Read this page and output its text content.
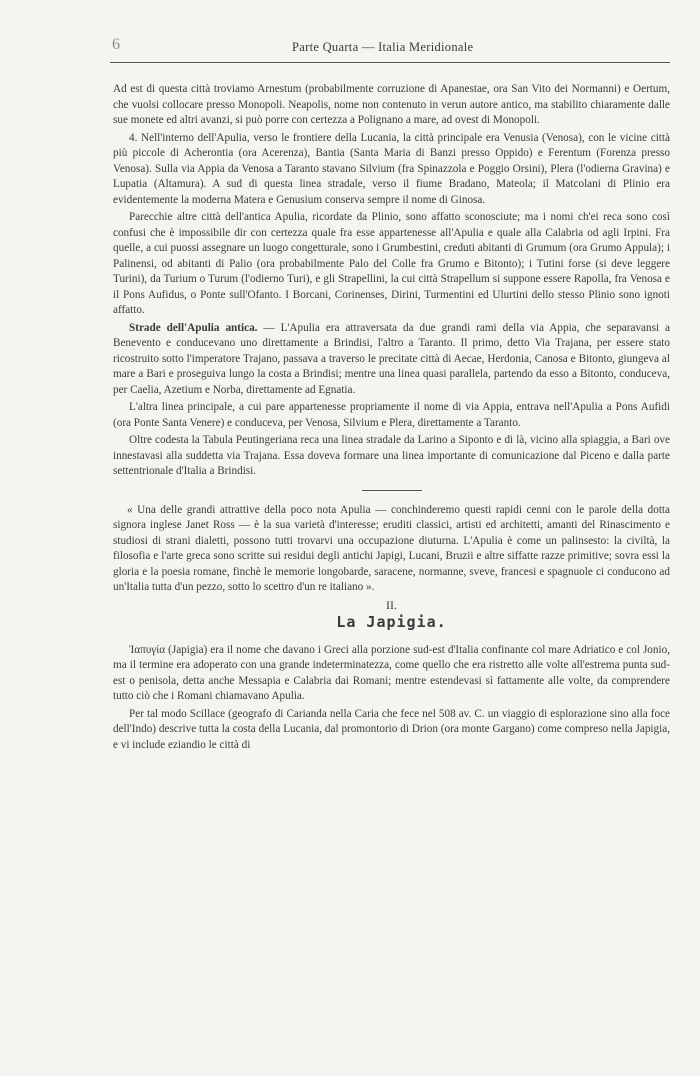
6	Parte Quarta — Italia Meridionale

Ad est di questa città troviamo Arnestum (probabilmente corruzione di Apanestae, ora San Vito dei Normanni) e Oertum, che vuolsi collocare presso Monopoli. Neapolis, nome non contenuto in verun autore antico, ma stabilito chiaramente dalle sue monete ed altri avanzi, si può porre con certezza a Polignano a mare, ad ovest di Monopoli.

4. Nell'interno dell'Apulia, verso le frontiere della Lucania, la città principale era Venusia (Venosa), con le vicine città più piccole di Acherontia (ora Acerenza), Bantia (Santa Maria di Banzi presso Oppido) e Ferentum (Forenza presso Venosa). Sulla via Appia da Venosa a Taranto stavano Silvium (fra Spinazzola e Poggio Orsini), Plera (l'odierna Gravina) e Lupatia (Altamura). A sud di questa linea stradale, verso il fiume Bradano, Mateola; il Matcolani di Plinio era evidentemente la moderna Matera e Genusium conserva sempre il nome di Ginosa.

Parecchie altre città dell'antica Apulia, ricordate da Plinio, sono affatto sconosciute; ma i nomi ch'ei reca sono così confusi che è impossibile dir con certezza quale fra esse appartenesse all'Apulia e quale alla Calabria od agli Irpini. Fra quelle, a cui puossi assegnare un luogo congetturale, sono i Grumbestini, creduti abitanti di Grumum (ora Grumo Appula); i Palinensi, od abitanti di Palio (ora probabilmente Palo del Colle fra Grumo e Bitonto); i Tutini forse (si deve leggere Turini), da Turium o Turum (l'odierno Turi), e gli Strapellini, la cui città Strapellum si suppone essere Rapolla, fra Venosa e il Pons Aufidus, o Ponte sull'Ofanto. I Borcani, Corinenses, Dirini, Turmentini ed Ulurtini dello stesso Plinio sono ignoti affatto.

Strade dell'Apulia antica. — L'Apulia era attraversata da due grandi rami della via Appia, che separavansi a Benevento e conducevano uno direttamente a Brindisi, l'altro a Taranto. Il primo, detto Via Trajana, per essere stato ricostruito sotto l'imperatore Trajano, passava a traverso le precitate città di Aecae, Herdonia, Canosa e Bitonto, giungeva al mare a Bari e proseguiva lungo la costa a Brindisi; mentre una linea quasi parallela, partendo da esso a Bitonto, conduceva, per Caelia, Azetium e Norba, direttamente ad Egnatia.

L'altra linea principale, a cui pare appartenesse propriamente il nome di via Appia, entrava nell'Apulia a Pons Aufidi (ora Ponte Santa Venere) e conduceva, per Venosa, Silvium e Plera, direttamente a Taranto.

Oltre codesta la Tabula Peutingeriana reca una linea stradale da Larino a Siponto e di là, vicino alla spiaggia, a Bari ove innestavasi alla suddetta via Trajana. Essa doveva formare una linea importante di comunicazione dal Piceno e dalla parte settentrionale d'Italia a Brindisi.

« Una delle grandi attrattive della poco nota Apulia — conchinderemo questi rapidi cenni con le parole della dotta signora inglese Janet Ross — è la sua varietà d'interesse; eruditi classici, artisti ed architetti, amanti del Rinascimento e studiosi di strani dialetti, possono tutti trovarvi una occupazione diuturna. L'Apulia è come un palinsesto: la civiltà, la filosofia e l'arte greca sono scritte sui residui degli antichi Japigi, Lucani, Bruzii e altre siffatte razze primitive; sovra essi la gloria e la poesia romane, finchè le memorie longobarde, saracene, normanne, sveve, francesi e spagnuole ci conducono ad un'Italia tutta d'un pezzo, sotto lo scettro d'un re italiano ».

II.

La Japigia.

Ἰαπυγία (Japigia) era il nome che davano i Greci alla porzione sud-est d'Italia confinante col mare Adriatico e col Jonio, ma il termine era adoperato con una grande indeterminatezza, come quello che era ristretto alle volte all'estrema punta sud-est o penisola, detta anche Messapia e Calabria dai Romani; mentre estendevasi sì fattamente alle volte, da comprendere tutto ciò che i Romani chiamavano Apulia.

Per tal modo Scillace (geografo di Carianda nella Caria che fece nel 508 av. C. un viaggio di esplorazione sino alla foce dell'Indo) descrive tutta la costa della Lucania, dal promontorio di Drion (ora monte Gargano) come compreso nella Japigia, e vi include eziandio le città di
